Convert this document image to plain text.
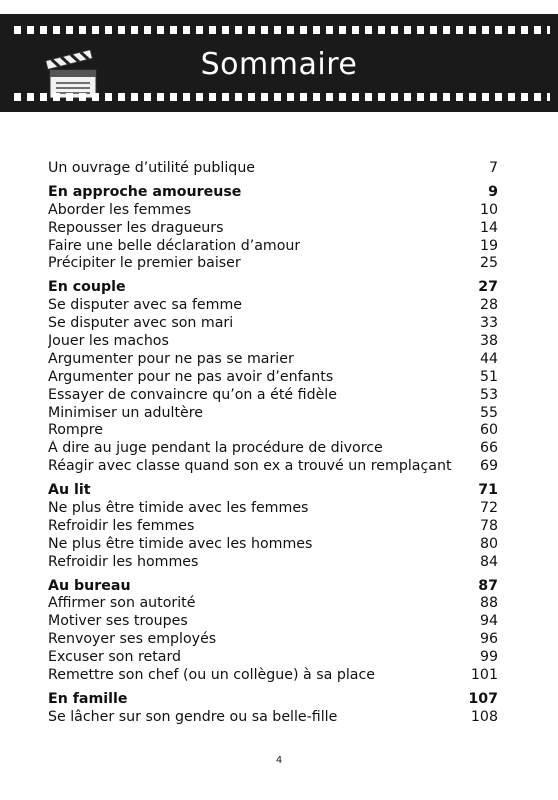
Sommaire
Un ouvrage d’utilité publique	7
En approche amoureuse	9
Aborder les femmes	10
Repousser les dragueurs	14
Faire une belle déclaration d’amour	19
Précipiter le premier baiser	25
En couple	27
Se disputer avec sa femme	28
Se disputer avec son mari	33
Jouer les machos	38
Argumenter pour ne pas se marier	44
Argumenter pour ne pas avoir d’enfants	51
Essayer de convaincre qu’on a été fidèle	53
Minimiser un adultère	55
Rompre	60
À dire au juge pendant la procédure de divorce	66
Réagir avec classe quand son ex a trouvé un remplaçant 69
Au lit	71
Ne plus être timide avec les femmes	72
Refroidir les femmes	78
Ne plus être timide avec les hommes	80
Refroidir les hommes	84
Au bureau	87
Affirmer son autorité	88
Motiver ses troupes	94
Renvoyer ses employés	96
Excuser son retard	99
Remettre son chef (ou un collègue) à sa place	101
En famille	107
Se lâcher sur son gendre ou sa belle-fille	108
4
